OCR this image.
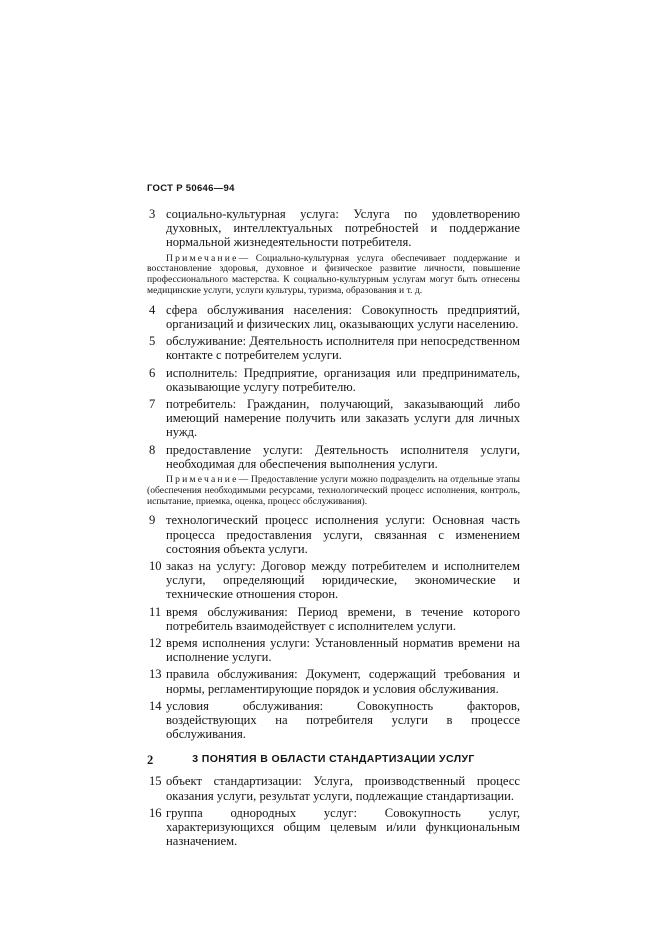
ГОСТ Р 50646—94
3 социально-культурная услуга: Услуга по удовлетворению духовных, интеллектуальных потребностей и поддержание нормальной жизнедеятельности потребителя.
Примечание— Социально-культурная услуга обеспечивает поддержание и восстановление здоровья, духовное и физическое развитие личности, повышение профессионального мастерства. К социально-культурным услугам могут быть отнесены медицинские услуги, услуги культуры, туризма, образования и т. д.
4 сфера обслуживания населения: Совокупность предприятий, организаций и физических лиц, оказывающих услуги населению.
5 обслуживание: Деятельность исполнителя при непосредственном контакте с потребителем услуги.
6 исполнитель: Предприятие, организация или предприниматель, оказывающие услугу потребителю.
7 потребитель: Гражданин, получающий, заказывающий либо имеющий намерение получить или заказать услуги для личных нужд.
8 предоставление услуги: Деятельность исполнителя услуги, необходимая для обеспечения выполнения услуги.
Примечание— Предоставление услуги можно подразделить на отдельные этапы (обеспечения необходимыми ресурсами, технологический процесс исполнения, контроль, испытание, приемка, оценка, процесс обслуживания).
9 технологический процесс исполнения услуги: Основная часть процесса предоставления услуги, связанная с изменением состояния объекта услуги.
10 заказ на услугу: Договор между потребителем и исполнителем услуги, определяющий юридические, экономические и технические отношения сторон.
11 время обслуживания: Период времени, в течение которого потребитель взаимодействует с исполнителем услуги.
12 время исполнения услуги: Установленный норматив времени на исполнение услуги.
13 правила обслуживания: Документ, содержащий требования и нормы, регламентирующие порядок и условия обслуживания.
14 условия обслуживания: Совокупность факторов, воздействующих на потребителя услуги в процессе обслуживания.
3 ПОНЯТИЯ В ОБЛАСТИ СТАНДАРТИЗАЦИИ УСЛУГ
15 объект стандартизации: Услуга, производственный процесс оказания услуги, результат услуги, подлежащие стандартизации.
16 группа однородных услуг: Совокупность услуг, характеризующихся общим целевым и/или функциональным назначением.
2
